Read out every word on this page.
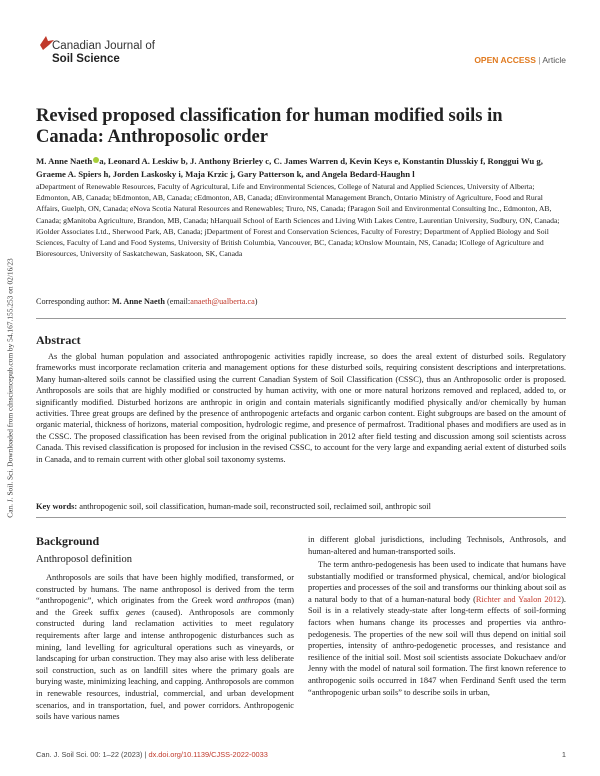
Can. J. Soil. Sci. Downloaded from cdnsciencepub.com by 54.167.155.253 on 02/16/23
Canadian Journal of
Soil Science	OPEN ACCESS | Article
Revised proposed classification for human modified soils in Canada: Anthroposolic order
M. Anne Naeth a, Leonard A. Leskiw b, J. Anthony Brierley c, C. James Warren d, Kevin Keys e, Konstantin Dlusskiy f, Ronggui Wu g, Graeme A. Spiers h, Jorden Laskosky i, Maja Krzic j, Gary Patterson k, and Angela Bedard-Haughn l
aDepartment of Renewable Resources, Faculty of Agricultural, Life and Environmental Sciences, College of Natural and Applied Sciences, University of Alberta; Edmonton, AB, Canada; bEdmonton, AB, Canada; cEdmonton, AB, Canada; dEnvironmental Management Branch, Ontario Ministry of Agriculture, Food and Rural Affairs, Guelph, ON, Canada; eNova Scotia Natural Resources and Renewables; Truro, NS, Canada; fParagon Soil and Environmental Consulting Inc., Edmonton, AB, Canada; gManitoba Agriculture, Brandon, MB, Canada; hHarquail School of Earth Sciences and Living With Lakes Centre, Laurentian University, Sudbury, ON, Canada; iGolder Associates Ltd., Sherwood Park, AB, Canada; jDepartment of Forest and Conservation Sciences, Faculty of Forestry; Department of Applied Biology and Soil Sciences, Faculty of Land and Food Systems, University of British Columbia, Vancouver, BC, Canada; kOnslow Mountain, NS, Canada; lCollege of Agriculture and Bioresources, University of Saskatchewan, Saskatoon, SK, Canada
Corresponding author: M. Anne Naeth (email:anaeth@ualberta.ca)
Abstract
As the global human population and associated anthropogenic activities rapidly increase, so does the areal extent of disturbed soils. Regulatory frameworks must incorporate reclamation criteria and management options for these disturbed soils, requiring consistent descriptions and interpretations. Many human-altered soils cannot be classified using the current Canadian System of Soil Classification (CSSC), thus an Anthroposolic order is proposed. Anthroposols are soils that are highly modified or constructed by human activity, with one or more natural horizons removed and replaced, added to, or significantly modified. Disturbed horizons are anthropic in origin and contain materials significantly modified physically and/or chemically by human activities. Three great groups are defined by the presence of anthropogenic artefacts and organic carbon content. Eight subgroups are based on the amount of organic material, thickness of horizons, material composition, hydrologic regime, and presence of permafrost. Traditional phases and modifiers are used as in the CSSC. The proposed classification has been revised from the original publication in 2012 after field testing and discussion among soil scientists across Canada. This revised classification is proposed for inclusion in the revised CSSC, to account for the very large and expanding aerial extent of disturbed soils in Canada, and to remain current with other global soil taxonomy systems.
Key words: anthropogenic soil, soil classification, human-made soil, reconstructed soil, reclaimed soil, anthropic soil
Background
Anthroposol definition
Anthroposols are soils that have been highly modified, transformed, or constructed by humans. The name anthroposol is derived from the term “anthropogenic”, which originates from the Greek word anthropos (man) and the Greek suffix genes (caused). Anthroposols are commonly constructed during land reclamation activities to meet regulatory requirements after large and intense anthropogenic disturbances such as mining, land levelling for agricultural operations such as vineyards, or landscaping for urban construction. They may also arise with less deliberate soil construction, such as on landfill sites where the primary goals are burying waste, minimizing leaching, and capping. Anthroposols are common in renewable resources, industrial, commercial, and urban development scenarios, and in transportation, fuel, and power corridors. Anthropogenic soils have various names
in different global jurisdictions, including Technisols, Anthrosols, and human-altered and human-transported soils.
The term anthro-pedogenesis has been used to indicate that humans have substantially modified or transformed physical, chemical, and/or biological properties and processes of the soil and transforms our thinking about soil as a natural body to that of a human-natural body (Richter and Yaalon 2012). Soil is in a relatively steady-state after long-term effects of soil-forming factors when humans change its processes and properties via anthro-pedogenesis. The properties of the new soil will thus depend on initial soil properties, intensity of anthro-pedogenetic processes, and resistance and resilience of the initial soil. Most soil scientists associate Dokuchaev and/or Jenny with the model of natural soil formation. The first known reference to anthropogenic soils occurred in 1847 when Ferdinand Senft used the term “anthropogenic urban soils” to describe soils in urban,
Can. J. Soil Sci. 00: 1–22 (2023) | dx.doi.org/10.1139/CJSS-2022-0033	1
